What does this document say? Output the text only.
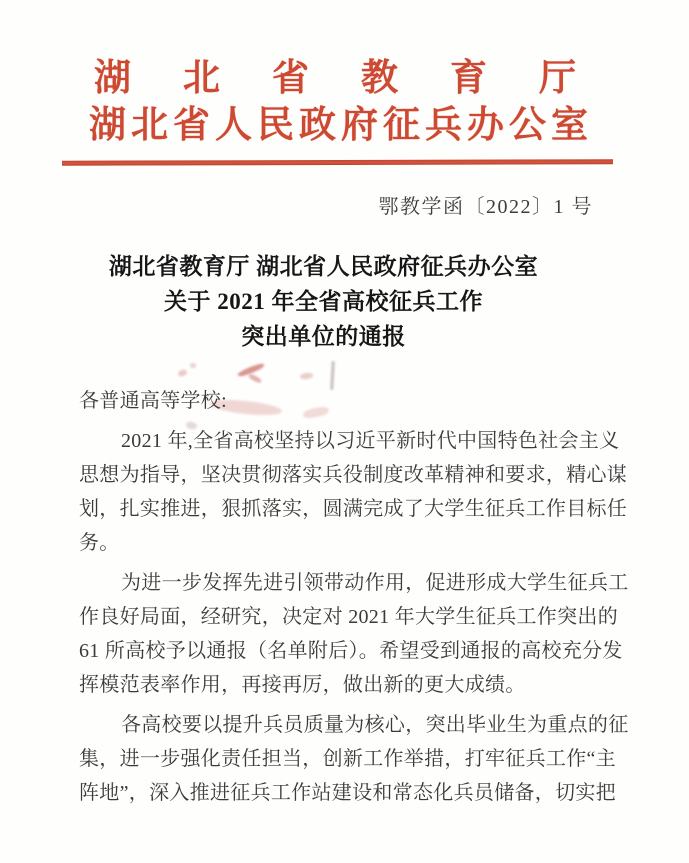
湖北省教育厅
湖北省人民政府征兵办公室
鄂教学函〔2022〕1 号
湖北省教育厅 湖北省人民政府征兵办公室
关于 2021 年全省高校征兵工作
突出单位的通报
各普通高等学校:
2021 年,全省高校坚持以习近平新时代中国特色社会主义
思想为指导，坚决贯彻落实兵役制度改革精神和要求，精心谋
划，扎实推进，狠抓落实，圆满完成了大学生征兵工作目标任
务。
为进一步发挥先进引领带动作用，促进形成大学生征兵工
作良好局面，经研究，决定对 2021 年大学生征兵工作突出的
61 所高校予以通报（名单附后）。希望受到通报的高校充分发
挥模范表率作用，再接再厉，做出新的更大成绩。
各高校要以提升兵员质量为核心，突出毕业生为重点的征
集，进一步强化责任担当，创新工作举措，打牢征兵工作“主
阵地”，深入推进征兵工作站建设和常态化兵员储备，切实把
